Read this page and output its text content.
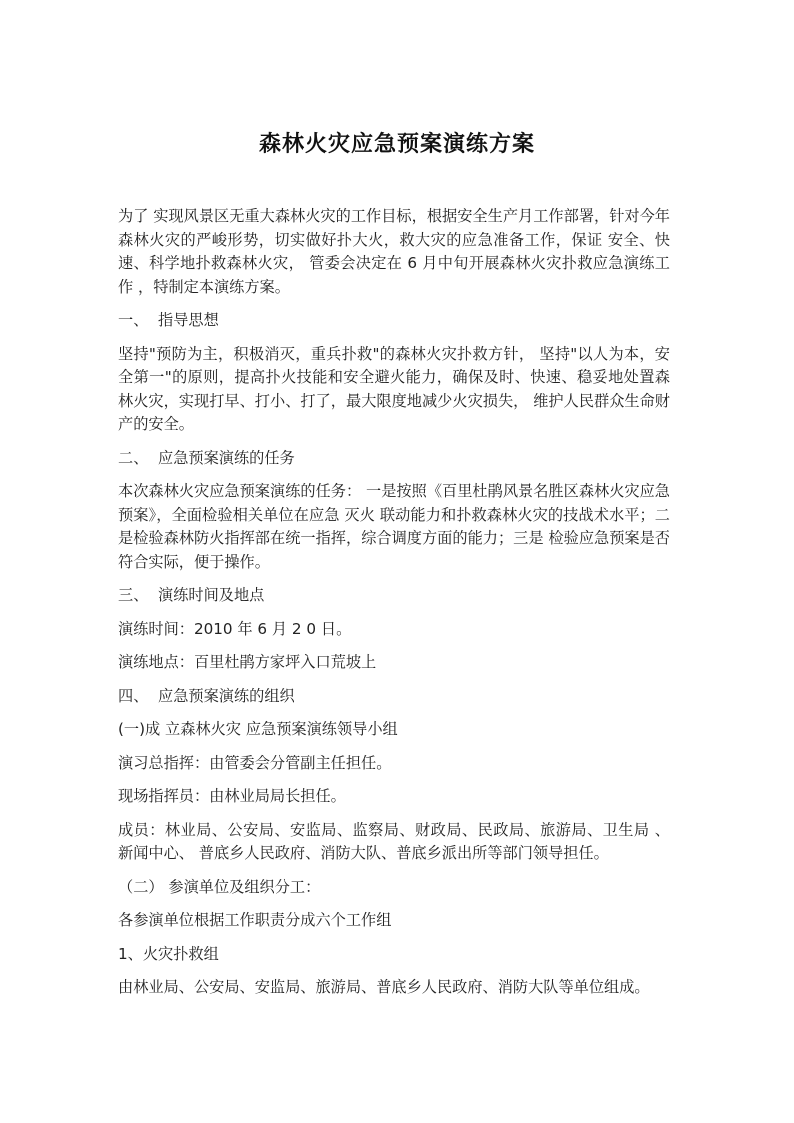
森林火灾应急预案演练方案

为了 实现风景区无重大森林火灾的工作目标，根据安全生产月工作部署，针对今年森林火灾的严峻形势，切实做好扑大火，救大灾的应急准备工作，保证 安全、快速、科学地扑救森林火灾， 管委会决定在 6 月中旬开展森林火灾扑救应急演练工作 ，特制定本演练方案。

一、 指导思想

坚持"预防为主，积极消灭，重兵扑救"的森林火灾扑救方针， 坚持"以人为本，安全第一"的原则，提高扑火技能和安全避火能力，确保及时、快速、稳妥地处置森林火灾，实现打早、打小、打了，最大限度地减少火灾损失， 维护人民群众生命财产的安全。

二、 应急预案演练的任务

本次森林火灾应急预案演练的任务： 一是按照《百里杜鹃风景名胜区森林火灾应急预案》，全面检验相关单位在应急 灭火 联动能力和扑救森林火灾的技战术水平；二是检验森林防火指挥部在统一指挥，综合调度方面的能力；三是 检验应急预案是否符合实际，便于操作。

三、 演练时间及地点

演练时间：2010 年 6 月 2 0 日。

演练地点：百里杜鹃方家坪入口荒坡上

四、 应急预案演练的组织

(一)成 立森林火灾 应急预案演练领导小组

演习总指挥：由管委会分管副主任担任。

现场指挥员：由林业局局长担任。

成员：林业局、公安局、安监局、监察局、财政局、民政局、旅游局、卫生局 、 新闻中心、 普底乡人民政府、消防大队、普底乡派出所等部门领导担任。

（二） 参演单位及组织分工：

各参演单位根据工作职责分成六个工作组

1、火灾扑救组

由林业局、公安局、安监局、旅游局、普底乡人民政府、消防大队等单位组成。
